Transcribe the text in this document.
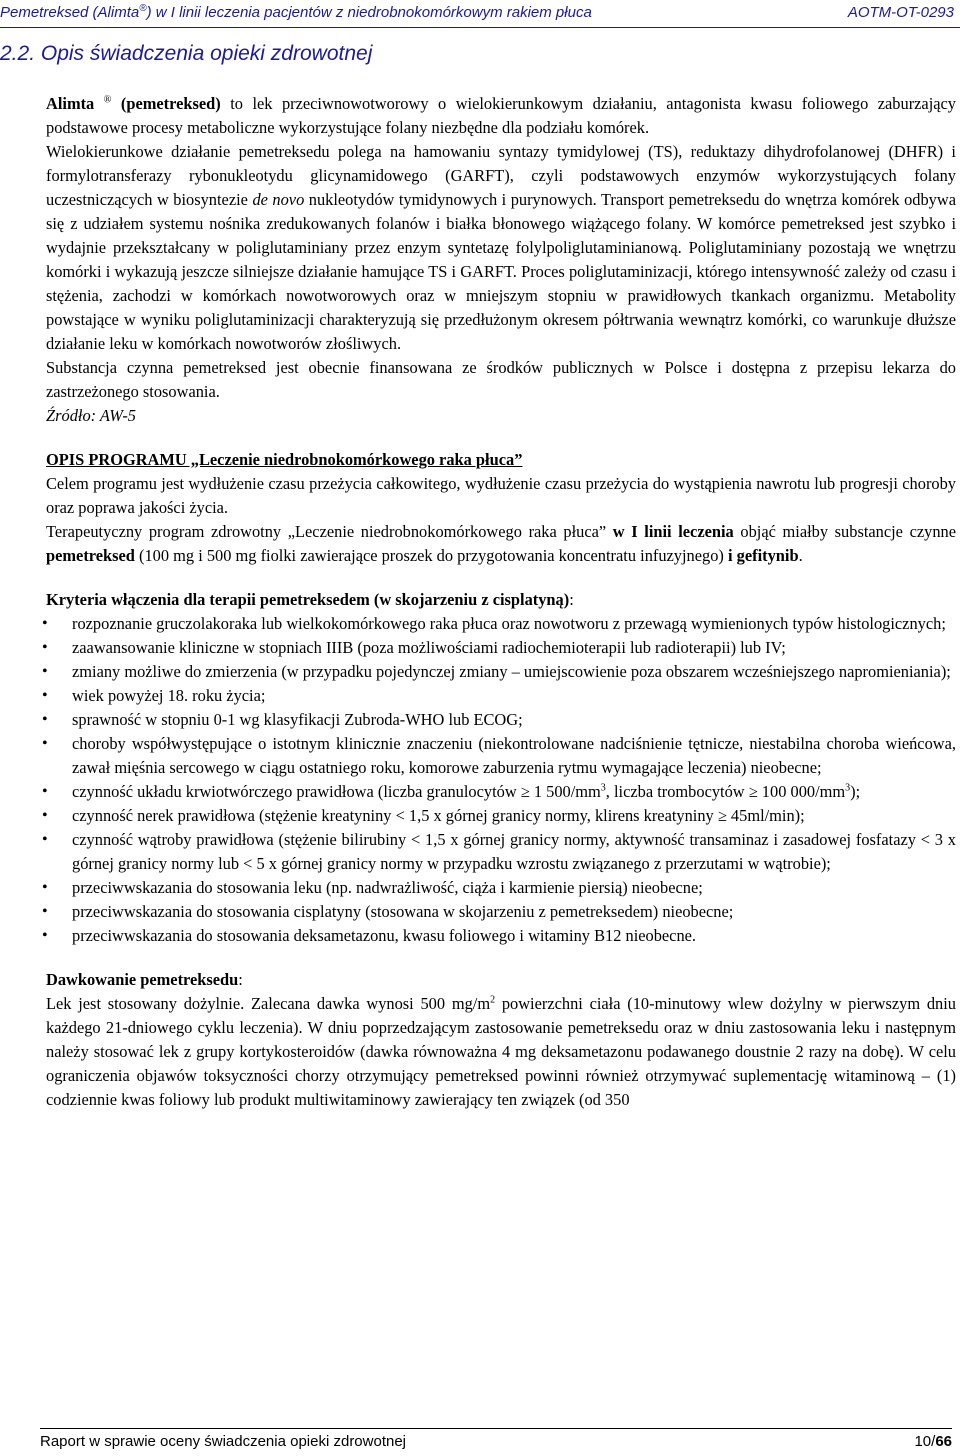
Pemetreksed (Alimta®) w I linii leczenia pacjentów z niedrobnokomórkowym rakiem płuca	AOTM-OT-0293
2.2. Opis świadczenia opieki zdrowotnej

Alimta ® (pemetreksed) to lek przeciwnowotworowy o wielokierunkowym działaniu, antagonista kwasu foliowego zaburzający podstawowe procesy metaboliczne wykorzystujące folany niezbędne dla podziału komórek.

Wielokierunkowe działanie pemetreksedu polega na hamowaniu syntazy tymidylowej (TS), reduktazy dihydrofolanowej (DHFR) i formylotransferazy rybonukleotydu glicynamidowego (GARFT), czyli podstawowych enzymów wykorzystujących folany uczestniczących w biosyntezie de novo nukleotydów tymidynowych i purynowych. Transport pemetreksedu do wnętrza komórek odbywa się z udziałem systemu nośnika zredukowanych folanów i białka błonowego wiążącego folany. W komórce pemetreksed jest szybko i wydajnie przekształcany w poliglutaminiany przez enzym syntetazę folylpoliglutaminianową. Poliglutaminiany pozostają we wnętrzu komórki i wykazują jeszcze silniejsze działanie hamujące TS i GARFT. Proces poliglutaminizacji, którego intensywność zależy od czasu i stężenia, zachodzi w komórkach nowotworowych oraz w mniejszym stopniu w prawidłowych tkankach organizmu. Metabolity powstające w wyniku poliglutaminizacji charakteryzują się przedłużonym okresem półtrwania wewnątrz komórki, co warunkuje dłuższe działanie leku w komórkach nowotworów złośliwych.

Substancja czynna pemetreksed jest obecnie finansowana ze środków publicznych w Polsce i dostępna z przepisu lekarza do zastrzeżonego stosowania.

Źródło: AW-5

OPIS PROGRAMU „Leczenie niedrobnokomórkowego raka płuca”

Celem programu jest wydłużenie czasu przeżycia całkowitego, wydłużenie czasu przeżycia do wystąpienia nawrotu lub progresji choroby oraz poprawa jakości życia.

Terapeutyczny program zdrowotny „Leczenie niedrobnokomórkowego raka płuca” w I linii leczenia objąć miałby substancje czynne pemetreksed (100 mg i 500 mg fiolki zawierające proszek do przygotowania koncentratu infuzyjnego) i gefitynib.

Kryteria włączenia dla terapii pemetreksedem (w skojarzeniu z cisplatyną):

• rozpoznanie gruczolakoraka lub wielkokomórkowego raka płuca oraz nowotworu z przewagą wymienionych typów histologicznych;
• zaawansowanie kliniczne w stopniach IIIB (poza możliwościami radiochemioterapii lub radioterapii) lub IV;
• zmiany możliwe do zmierzenia (w przypadku pojedynczej zmiany – umiejscowienie poza obszarem wcześniejszego napromieniania);
• wiek powyżej 18. roku życia;
• sprawność w stopniu 0-1 wg klasyfikacji Zubroda-WHO lub ECOG;
• choroby współwystępujące o istotnym klinicznie znaczeniu (niekontrolowane nadciśnienie tętnicze, niestabilna choroba wieńcowa, zawał mięśnia sercowego w ciągu ostatniego roku, komorowe zaburzenia rytmu wymagające leczenia) nieobecne;
• czynność układu krwiotwórczego prawidłowa (liczba granulocytów ≥ 1 $500/mm^3$, liczba trombocytów ≥ 100 $000/mm^3$);
• czynność nerek prawidłowa (stężenie kreatyniny < 1,5 x górnej granicy normy, klirens kreatyniny ≥ 45ml/min);
• czynność wątroby prawidłowa (stężenie bilirubiny < 1,5 x górnej granicy normy, aktywność transaminaz i zasadowej fosfatazy < 3 x górnej granicy normy lub < 5 x górnej granicy normy w przypadku wzrostu związanego z przerzutami w wątrobie);
• przeciwwskazania do stosowania leku (np. nadwrażliwość, ciąża i karmienie piersią) nieobecne;
• przeciwwskazania do stosowania cisplatyny (stosowana w skojarzeniu z pemetreksedem) nieobecne;
• przeciwwskazania do stosowania deksametazonu, kwasu foliowego i witaminy B12 nieobecne.

Dawkowanie pemetreksedu:

Lek jest stosowany dożylnie. Zalecana dawka wynosi 500 $mg/m^2$ powierzchni ciała (10-minutowy wlew dożylny w pierwszym dniu każdego 21-dniowego cyklu leczenia). W dniu poprzedzającym zastosowanie pemetreksedu oraz w dniu zastosowania leku i następnym należy stosować lek z grupy kortykosteroidów (dawka równoważna 4 mg deksametazonu podawanego doustnie 2 razy na dobę). W celu ograniczenia objawów toksyczności chorzy otrzymujący pemetreksed powinni również otrzymywać suplementację witaminową – (1) codziennie kwas foliowy lub produkt multiwitaminowy zawierający ten związek (od 350

Raport w sprawie oceny świadczenia opieki zdrowotnej	10/66
